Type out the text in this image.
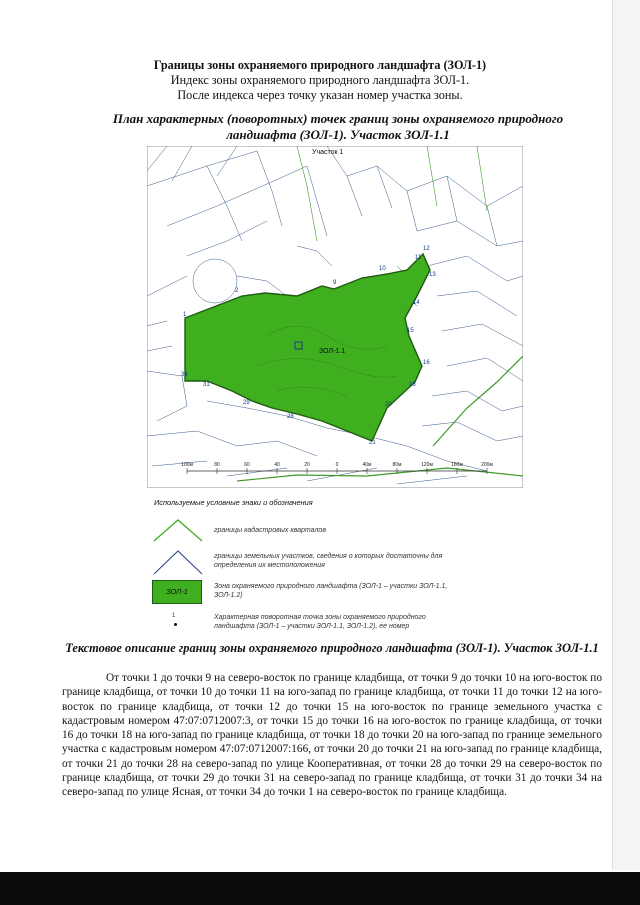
Границы зоны охраняемого природного ландшафта (ЗОЛ-1)
Индекс зоны охраняемого природного ландшафта ЗОЛ-1.
После индекса через точку указан номер участка зоны.
План характерных (поворотных) точек границ зоны охраняемого природного ландшафта (ЗОЛ-1). Участок ЗОЛ-1.1
ЗОЛ-1.1
Участок 1
1
2
9
10
11
12
13
14
15
16
18
20
21
28
29
31
34
100м	80	60	40	20	0	40м	80м	120м	160м	200м
Используемые условные знаки и обозначения
границы кадастровых кварталов
границы земельных участков, сведения о которых достаточны для определения их местоположения
ЗОЛ-1
Зона охраняемого природного ландшафта (ЗОЛ-1 – участки ЗОЛ-1.1, ЗОЛ-1.2)
1	Характерная поворотная точка зоны охраняемого природного ландшафта (ЗОЛ-1 – участки ЗОЛ-1.1, ЗОЛ-1.2), ее номер
Текстовое описание границ зоны охраняемого природного ландшафта (ЗОЛ-1). Участок ЗОЛ-1.1
От точки 1 до точки 9 на северо-восток по границе кладбища, от точки 9 до точки 10 на юго-восток по границе кладбища, от точки 10 до точки 11 на юго-запад по границе кладбища, от точки 11 до точки 12 на юго-восток по границе кладбища, от точки 12 до точки 15 на юго-восток по границе земельного участка с кадастровым номером 47:07:0712007:3, от точки 15 до точки 16 на юго-восток по границе кладбища, от точки 16 до точки 18 на юго-запад по границе кладбища, от точки 18 до точки 20 на юго-запад по границе земельного участка с кадастровым номером 47:07:0712007:166, от точки 20 до точки 21 на юго-запад по границе кладбища, от точки 21 до точки 28 на северо-запад по улице Кооперативная, от точки 28 до точки 29 на северо-восток по границе кладбища, от точки 29 до точки 31 на северо-запад по границе кладбища, от точки 31 до точки 34 на северо-запад по улице Ясная, от точки 34 до точки 1 на северо-восток по границе кладбища.
